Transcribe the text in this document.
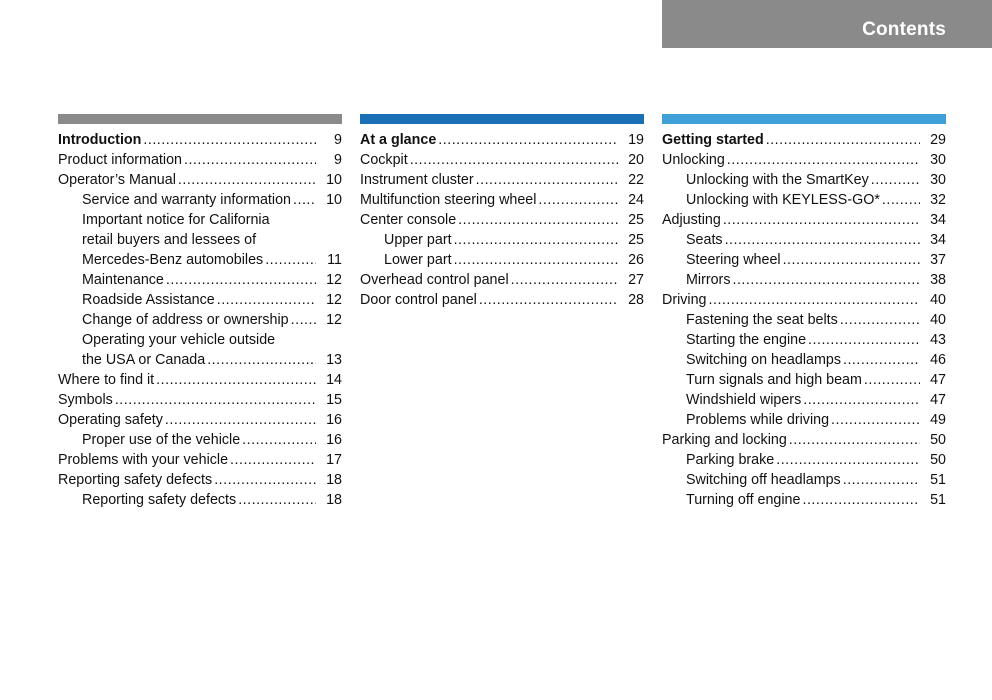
Contents
Introduction .....	9
Product information .....	9
Operator’s Manual .....	10
Service and warranty information .....	10
Important notice for California
retail buyers and lessees of
Mercedes-Benz automobiles .....	11
Maintenance .....	12
Roadside Assistance .....	12
Change of address or ownership .....	12
Operating your vehicle outside
the USA or Canada .....	13
Where to find it .....	14
Symbols .....	15
Operating safety .....	16
Proper use of the vehicle .....	16
Problems with your vehicle .....	17
Reporting safety defects .....	18
Reporting safety defects .....	18
At a glance .....	19
Cockpit .....	20
Instrument cluster .....	22
Multifunction steering wheel .....	24
Center console .....	25
Upper part .....	25
Lower part .....	26
Overhead control panel .....	27
Door control panel .....	28
Getting started .....	29
Unlocking .....	30
Unlocking with the SmartKey .....	30
Unlocking with KEYLESS-GO* .....	32
Adjusting .....	34
Seats .....	34
Steering wheel .....	37
Mirrors .....	38
Driving .....	40
Fastening the seat belts .....	40
Starting the engine .....	43
Switching on headlamps .....	46
Turn signals and high beam .....	47
Windshield wipers .....	47
Problems while driving .....	49
Parking and locking .....	50
Parking brake .....	50
Switching off headlamps .....	51
Turning off engine .....	51
